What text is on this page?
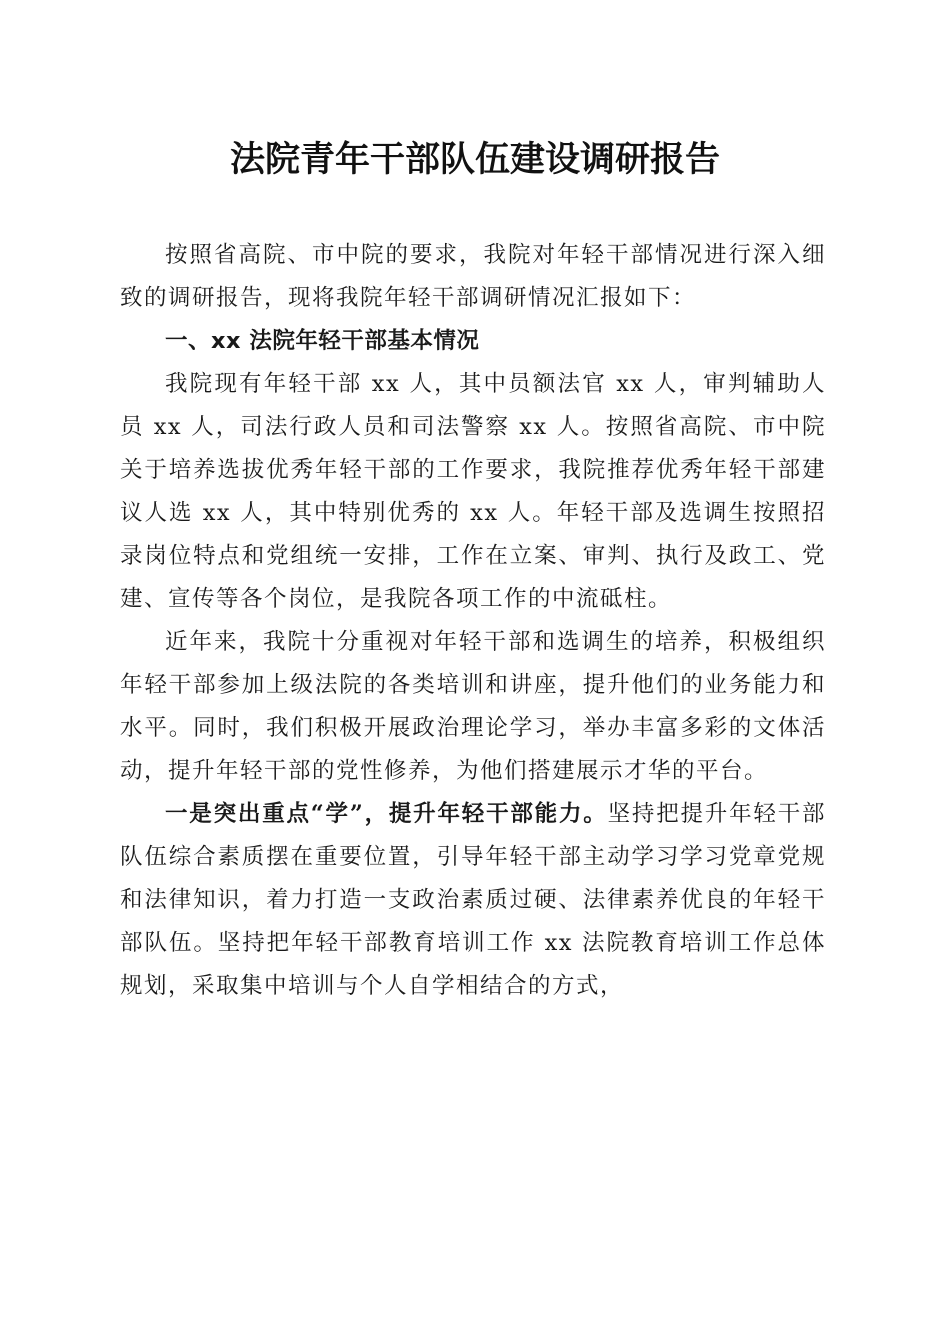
法院青年干部队伍建设调研报告

按照省高院、市中院的要求，我院对年轻干部情况进行深入细致的调研报告，现将我院年轻干部调研情况汇报如下：

一、xx 法院年轻干部基本情况

我院现有年轻干部 xx 人，其中员额法官 xx 人，审判辅助人员 xx 人，司法行政人员和司法警察 xx 人。按照省高院、市中院关于培养选拔优秀年轻干部的工作要求，我院推荐优秀年轻干部建议人选 xx 人，其中特别优秀的 xx 人。年轻干部及选调生按照招录岗位特点和党组统一安排，工作在立案、审判、执行及政工、党建、宣传等各个岗位，是我院各项工作的中流砥柱。

近年来，我院十分重视对年轻干部和选调生的培养，积极组织年轻干部参加上级法院的各类培训和讲座，提升他们的业务能力和水平。同时，我们积极开展政治理论学习，举办丰富多彩的文体活动，提升年轻干部的党性修养，为他们搭建展示才华的平台。

一是突出重点“学”，提升年轻干部能力。坚持把提升年轻干部队伍综合素质摆在重要位置，引导年轻干部主动学习学习党章党规和法律知识，着力打造一支政治素质过硬、法律素养优良的年轻干部队伍。坚持把年轻干部教育培训工作 xx 法院教育培训工作总体规划，采取集中培训与个人自学相结合的方式，
